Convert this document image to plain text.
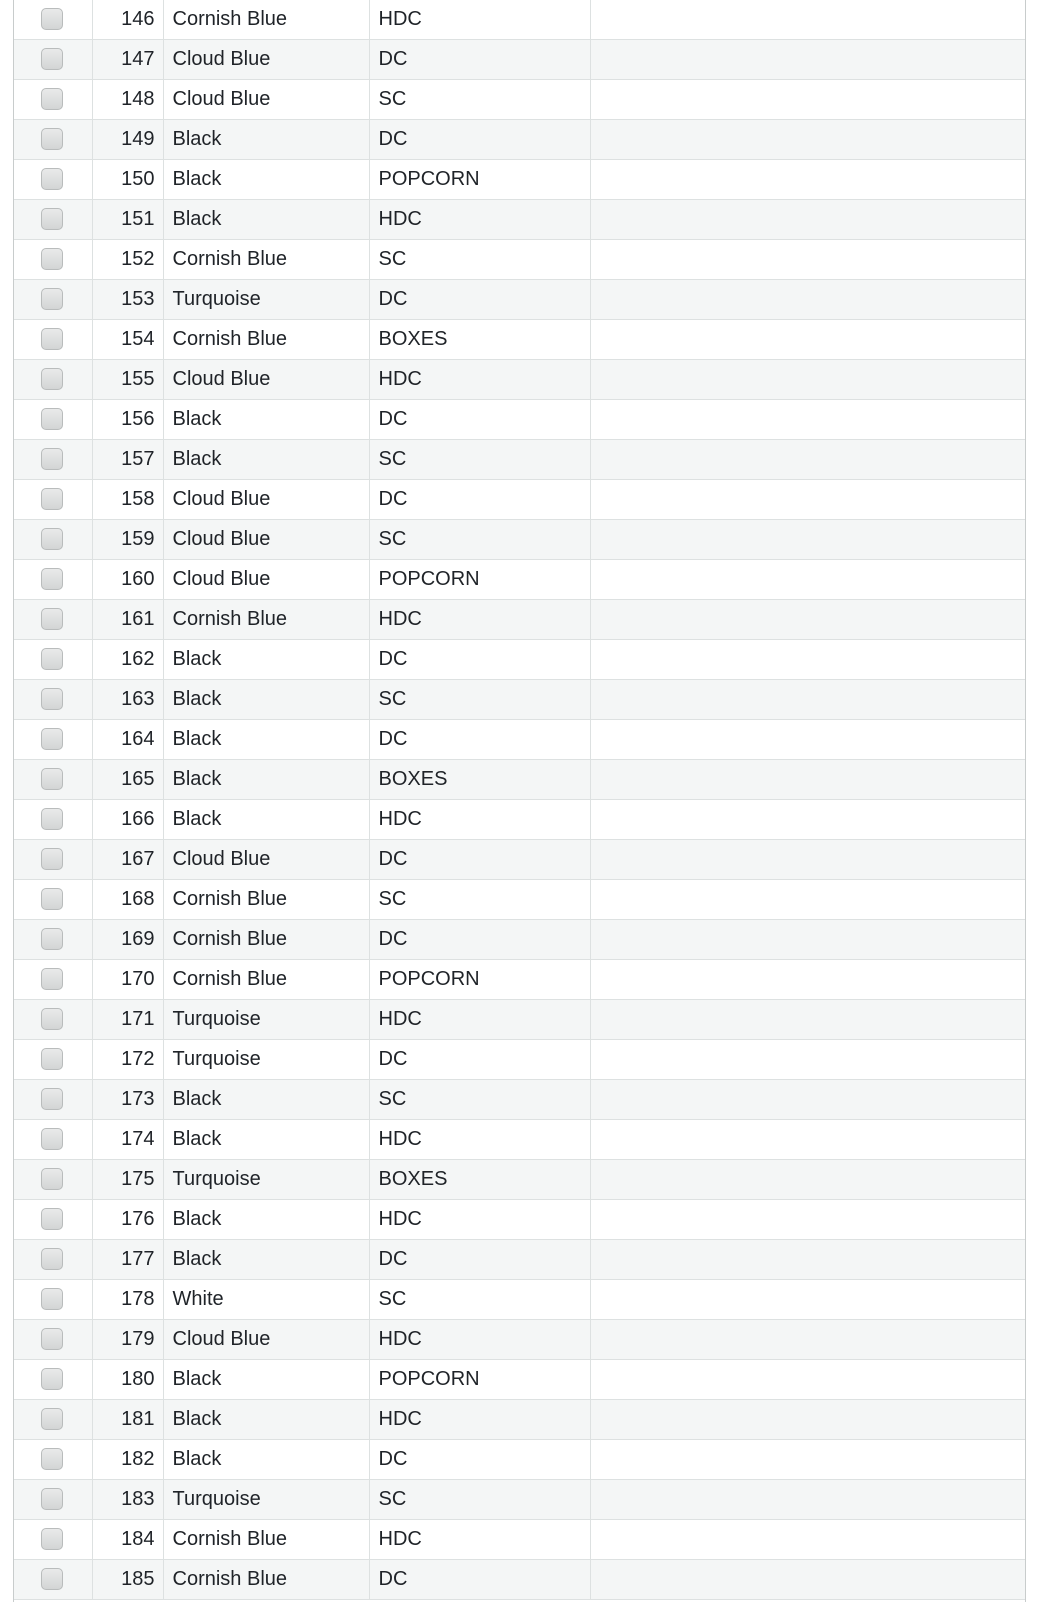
	146	Cornish Blue	HDC	
	147	Cloud Blue	DC	
	148	Cloud Blue	SC	
	149	Black	DC	
	150	Black	POPCORN	
	151	Black	HDC	
	152	Cornish Blue	SC	
	153	Turquoise	DC	
	154	Cornish Blue	BOXES	
	155	Cloud Blue	HDC	
	156	Black	DC	
	157	Black	SC	
	158	Cloud Blue	DC	
	159	Cloud Blue	SC	
	160	Cloud Blue	POPCORN	
	161	Cornish Blue	HDC	
	162	Black	DC	
	163	Black	SC	
	164	Black	DC	
	165	Black	BOXES	
	166	Black	HDC	
	167	Cloud Blue	DC	
	168	Cornish Blue	SC	
	169	Cornish Blue	DC	
	170	Cornish Blue	POPCORN	
	171	Turquoise	HDC	
	172	Turquoise	DC	
	173	Black	SC	
	174	Black	HDC	
	175	Turquoise	BOXES	
	176	Black	HDC	
	177	Black	DC	
	178	White	SC	
	179	Cloud Blue	HDC	
	180	Black	POPCORN	
	181	Black	HDC	
	182	Black	DC	
	183	Turquoise	SC	
	184	Cornish Blue	HDC	
	185	Cornish Blue	DC	
